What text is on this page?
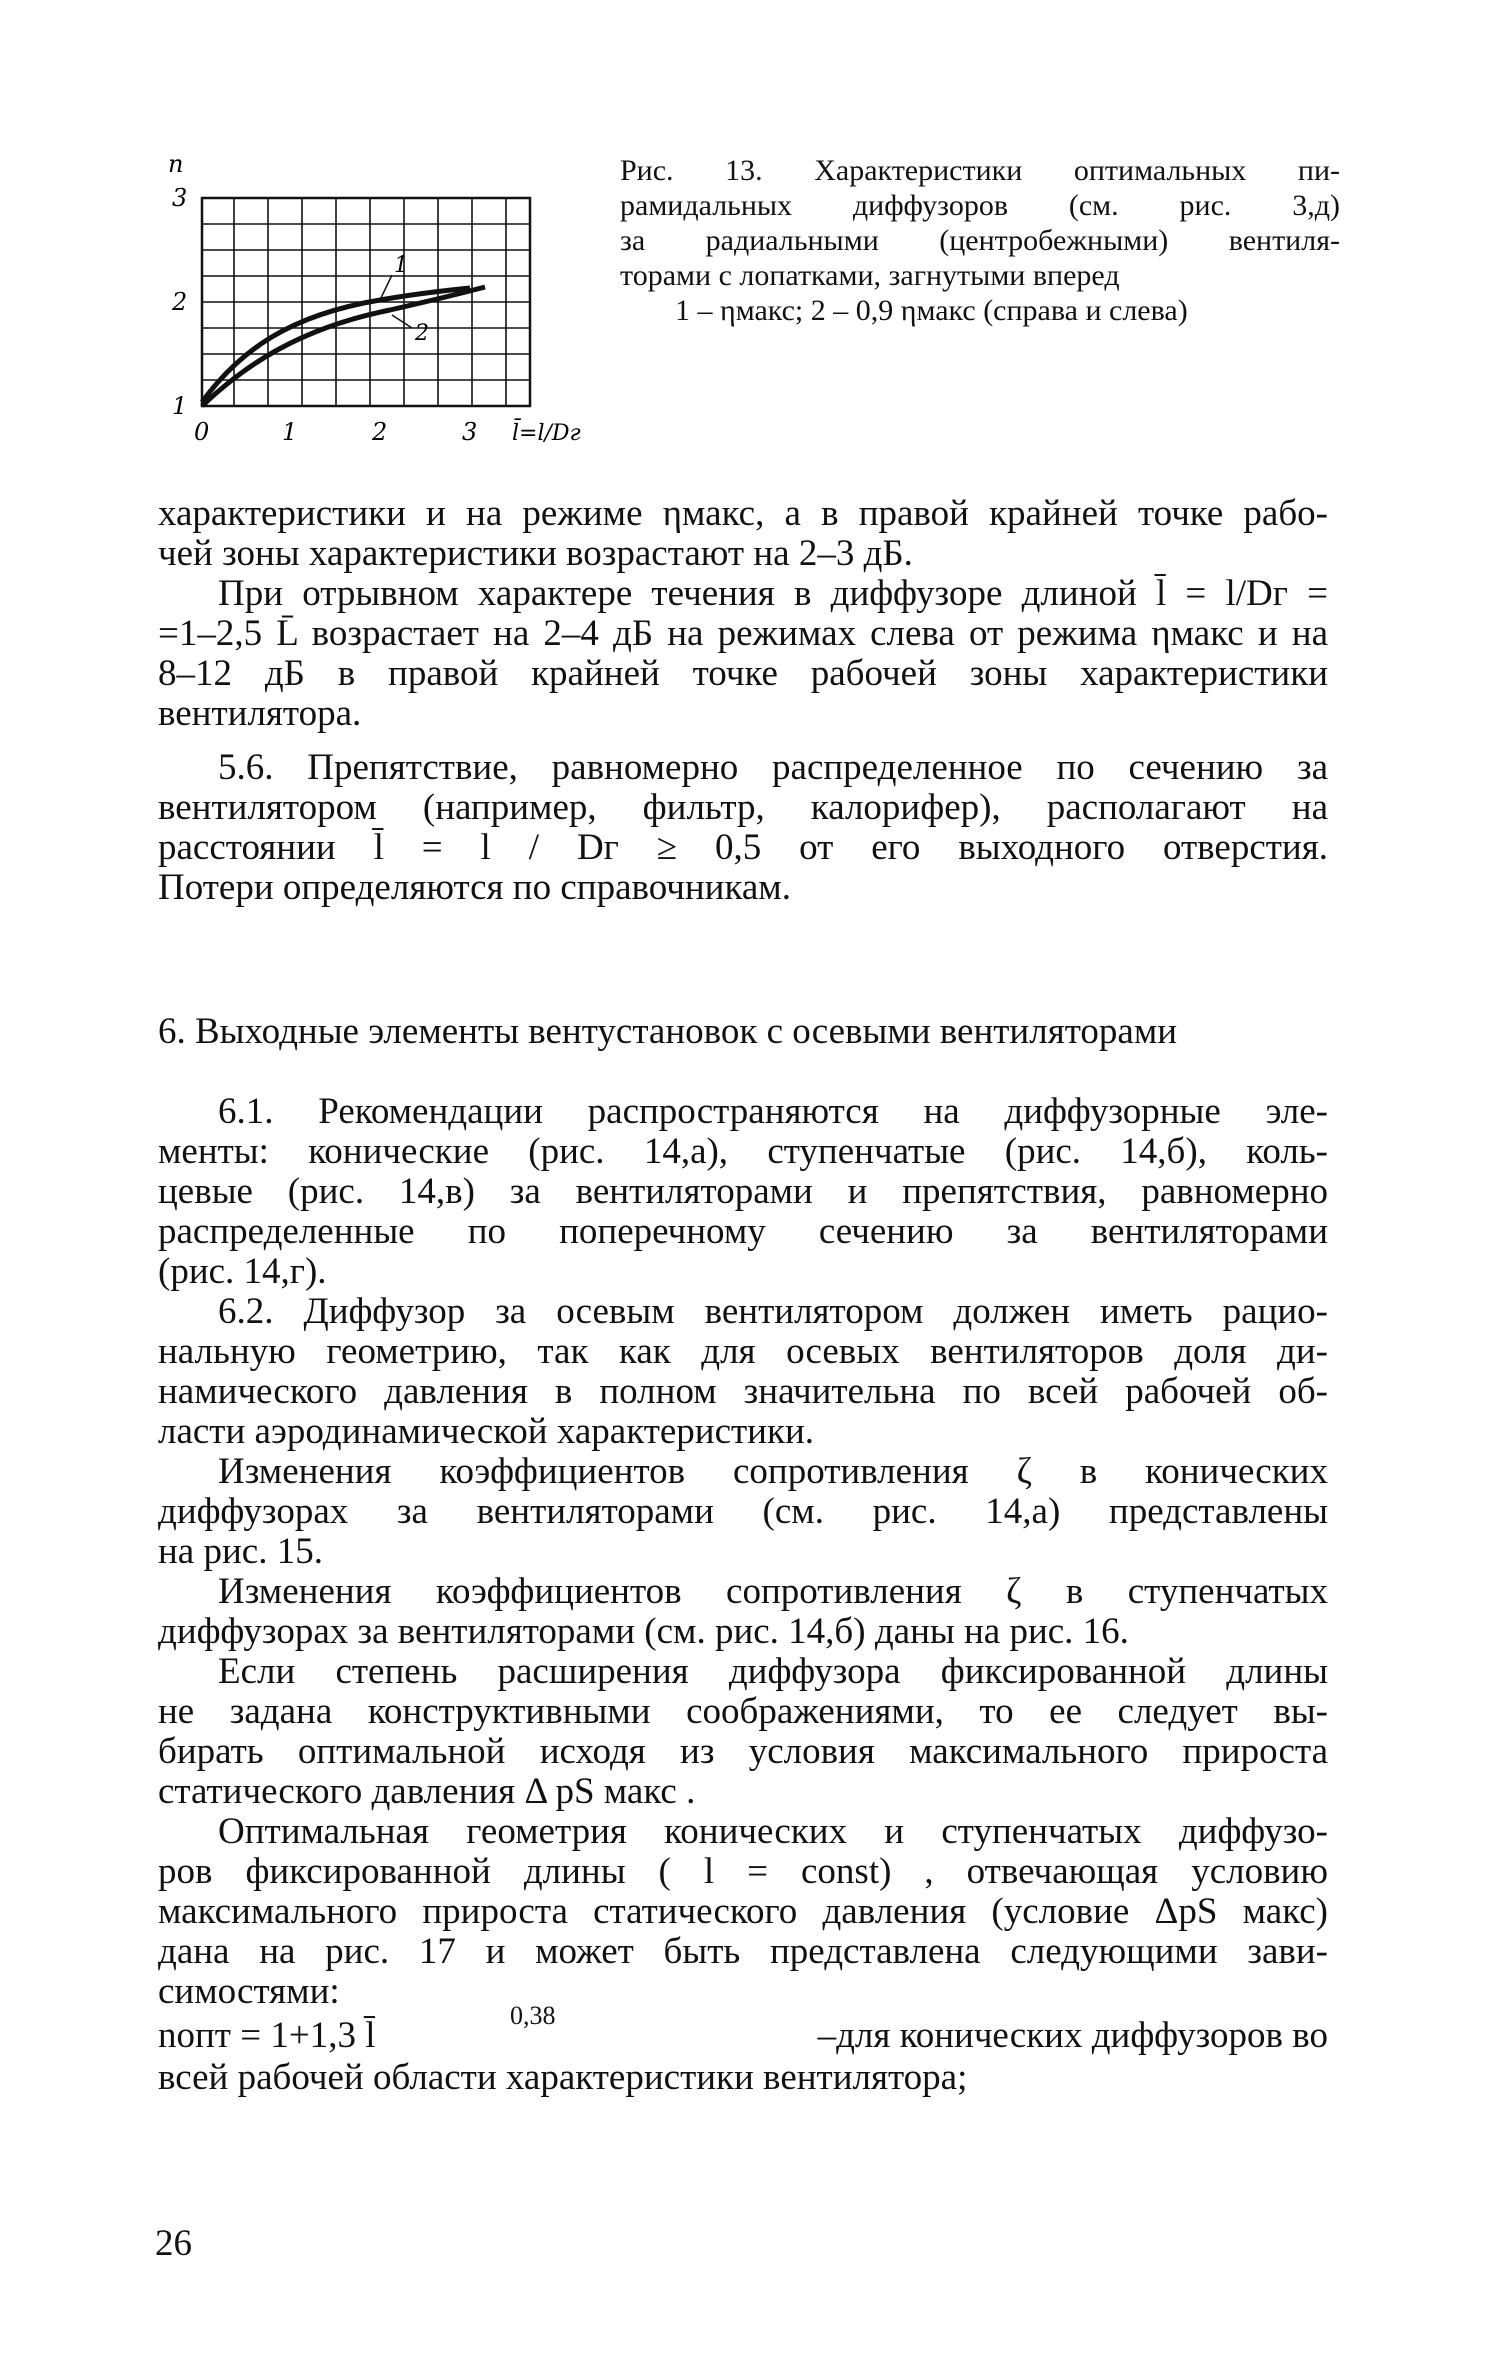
n
3
2
1
0	1	2	3 l̄=l/Dг
1
2
Рис. 13. Характеристики оптимальных пи-
рамидальных диффузоров (см. рис. 3,д)
за радиальными (центробежными) вентиля-
торами с лопатками, загнутыми вперед
1 – ηмакс; 2 – 0,9 ηмакс (справа и слева)

характеристики и на режиме ηмакс, а в правой крайней точке рабо-
чей зоны характеристики возрастают на 2–3 дБ.

При отрывном характере течения в диффузоре длиной l̄ = l/Dг =

=1–2,5 L̄ возрастает на 2–4 дБ на режимах слева от режима ηмакс и на
8–12 дБ в правой крайней точке рабочей зоны характеристики
вентилятора.

5.6. Препятствие, равномерно распределенное по сечению за

вентилятором (например, фильтр, калорифер), располагают на
расстоянии l̄ = l / Dг ≥ 0,5 от его выходного отверстия.
Потери определяются по справочникам.

6. Выходные элементы вентустановок с осевыми вентиляторами

6.1. Рекомендации распространяются на диффузорные эле-

менты: конические (рис. 14,а), ступенчатые (рис. 14,б), коль-
цевые (рис. 14,в) за вентиляторами и препятствия, равномерно
распределенные по поперечному сечению за вентиляторами
(рис. 14,г).

6.2. Диффузор за осевым вентилятором должен иметь рацио-

нальную геометрию, так как для осевых вентиляторов доля ди-
намического давления в полном значительна по всей рабочей об-
ласти аэродинамической характеристики.

Изменения коэффициентов сопротивления ζ в конических

диффузорах за вентиляторами (см. рис. 14,а) представлены
на рис. 15.

Изменения коэффициентов сопротивления ζ в ступенчатых

диффузорах за вентиляторами (см. рис. 14,б) даны на рис. 16.

Если степень расширения диффузора фиксированной длины

не задана конструктивными соображениями, то ее следует вы-
бирать оптимальной исходя из условия максимального прироста
статического давления Δ pS макс .

Оптимальная геометрия конических и ступенчатых диффузо-

ров фиксированной длины ( l = const) , отвечающая условию
максимального прироста статического давления (условие ΔpS макс)
дана на рис. 17 и может быть представлена следующими зави-
симостями:

nопт = 1+1,3 l̄	0,38	–для конических диффузоров во

всей рабочей области характеристики вентилятора;

26
